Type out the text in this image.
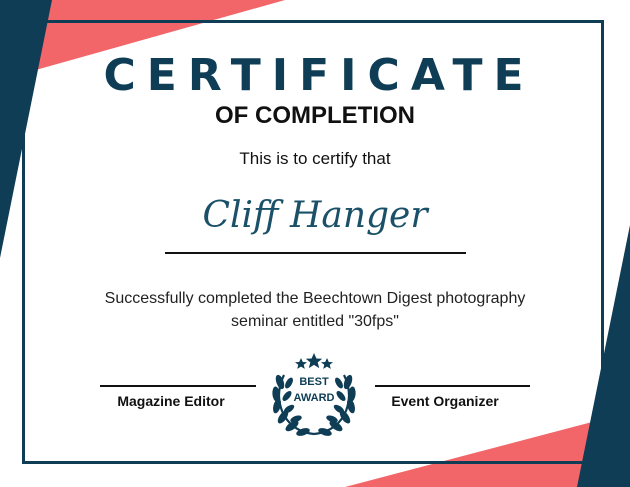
CERTIFICATE
OF COMPLETION
This is to certify that
Cliff Hanger
Successfully completed the Beechtown Digest photography seminar entitled "30fps"
Magazine Editor	Event Organizer
BEST
AWARD
